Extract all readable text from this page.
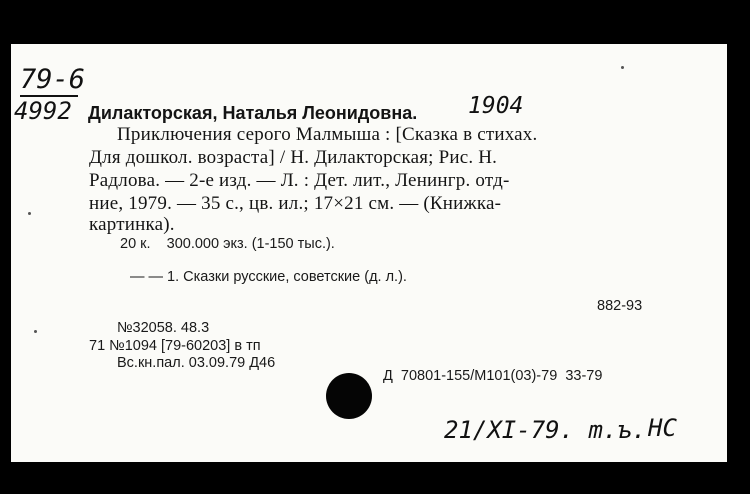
79-6
4992 Дилакторская, Наталья Леонидовна. 1904
Приключения серого Малмыша : [Сказка в стихах.
Для дошкол. возраста] / Н. Дилакторская; Рис. Н.
Радлова. — 2-е изд. — Л. : Дет. лит., Ленингр. отд-
ние, 1979. — 35 с., цв. ил.; 17×21 см. — (Книжка-
картинка).
20 к.    300.000 экз. (1-150 тыс.).
— — 1. Сказки русские, советские (д. л.).
882-93
№32058. 48.3
71 №1094 [79-60203] в тп
Вс.кн.пал. 03.09.79 Д46
Д  70801-155/М101(03)-79  33-79
21/XI-79. m.ъ. НС
